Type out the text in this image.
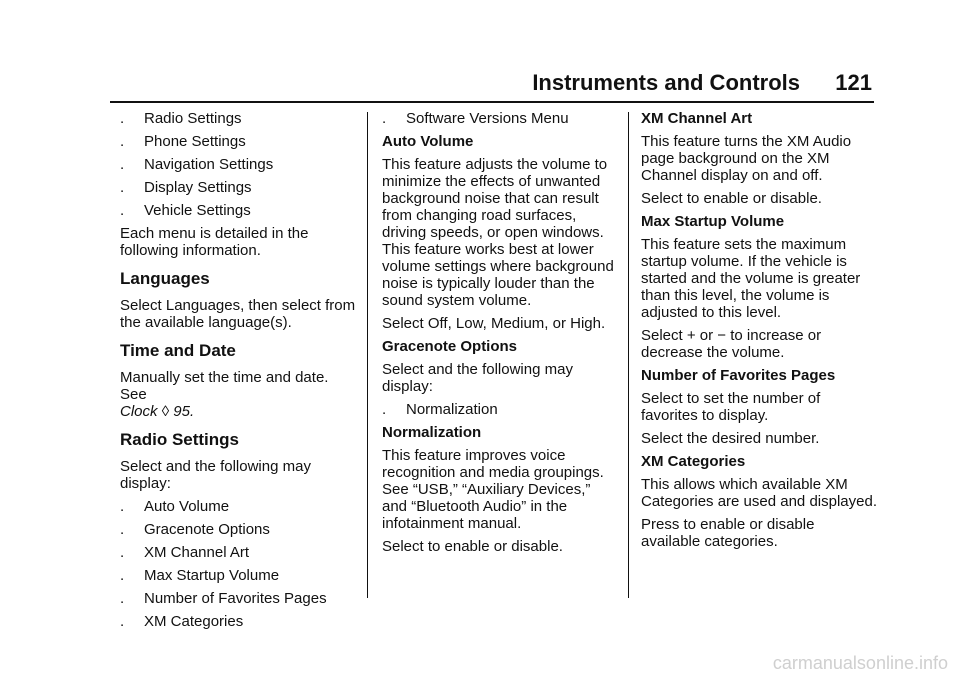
Instruments and Controls 121
. Radio Settings
. Phone Settings
. Navigation Settings
. Display Settings
. Vehicle Settings

Each menu is detailed in the following information.

Languages

Select Languages, then select from the available language(s).

Time and Date

Manually set the time and date. See
Clock ◊ 95.

Radio Settings

Select and the following may display:

. Auto Volume
. Gracenote Options
. XM Channel Art
. Max Startup Volume
. Number of Favorites Pages
. XM Categories
. Software Versions Menu
Auto Volume

This feature adjusts the volume to minimize the effects of unwanted background noise that can result from changing road surfaces, driving speeds, or open windows. This feature works best at lower volume settings where background noise is typically louder than the sound system volume.

Select Off, Low, Medium, or High.

Gracenote Options

Select and the following may display:

. Normalization
Normalization

This feature improves voice recognition and media groupings. See “USB,” “Auxiliary Devices,” and “Bluetooth Audio” in the infotainment manual.

Select to enable or disable.

XM Channel Art

This feature turns the XM Audio page background on the XM Channel display on and off.

Select to enable or disable.

Max Startup Volume

This feature sets the maximum startup volume. If the vehicle is started and the volume is greater than this level, the volume is adjusted to this level.

Select + or − to increase or decrease the volume.

Number of Favorites Pages

Select to set the number of favorites to display.

Select the desired number.

XM Categories

This allows which available XM Categories are used and displayed.

Press to enable or disable available categories.

carmanualsonline.info
